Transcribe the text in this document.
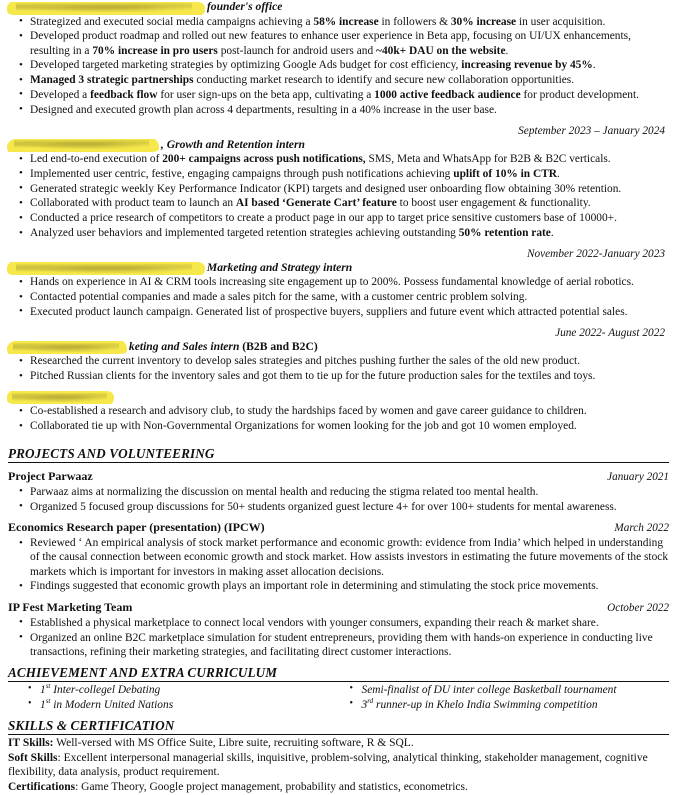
founder's office
• Strategized and executed social media campaigns achieving a 58% increase in followers & 30% increase in user acquisition.
• Developed product roadmap and rolled out new features to enhance user experience in Beta app, focusing on UI/UX enhancements, resulting in a 70% increase in pro users post-launch for android users and ~40k+ DAU on the website.
• Developed targeted marketing strategies by optimizing Google Ads budget for cost efficiency, increasing revenue by 45%.
• Managed 3 strategic partnerships conducting market research to identify and secure new collaboration opportunities.
• Developed a feedback flow for user sign-ups on the beta app, cultivating a 1000 active feedback audience for product development.
• Designed and executed growth plan across 4 departments, resulting in a 40% increase in the user base.
September 2023 – January 2024
, Growth and Retention intern
• Led end-to-end execution of 200+ campaigns across push notifications, SMS, Meta and WhatsApp for B2B & B2C verticals.
• Implemented user centric, festive, engaging campaigns through push notifications achieving uplift of 10% in CTR.
• Generated strategic weekly Key Performance Indicator (KPI) targets and designed user onboarding flow obtaining 30% retention.
• Collaborated with product team to launch an AI based ‘Generate Cart’ feature to boost user engagement & functionality.
• Conducted a price research of competitors to create a product page in our app to target price sensitive customers base of 10000+.
• Analyzed user behaviors and implemented targeted retention strategies achieving outstanding 50% retention rate.
November 2022-January 2023
Marketing and Strategy intern
• Hands on experience in AI & CRM tools increasing site engagement up to 200%. Possess fundamental knowledge of aerial robotics.
• Contacted potential companies and made a sales pitch for the same, with a customer centric problem solving.
• Executed product launch campaign. Generated list of prospective buyers, suppliers and future event which attracted potential sales.
June 2022- August 2022
keting and Sales intern (B2B and B2C)
• Researched the current inventory to develop sales strategies and pitches pushing further the sales of the old new product.
• Pitched Russian clients for the inventory sales and got them to tie up for the future production sales for the textiles and toys.
• Co-established a research and advisory club, to study the hardships faced by women and gave career guidance to children.
• Collaborated tie up with Non-Governmental Organizations for women looking for the job and got 10 women employed.
PROJECTS AND VOLUNTEERING
Project Parwaaz	January 2021
• Parwaaz aims at normalizing the discussion on mental health and reducing the stigma related too mental health.
• Organized 5 focused group discussions for 50+ students organized guest lecture 4+ for over 100+ students for mental awareness.
Economics Research paper (presentation) (IPCW)	March 2022
• Reviewed ‘ An empirical analysis of stock market performance and economic growth: evidence from India’ which helped in understanding of the causal connection between economic growth and stock market. How assists investors in estimating the future movements of the stock markets which is important for investors in making asset allocation decisions.
• Findings suggested that economic growth plays an important role in determining and stimulating the stock price movements.
IP Fest Marketing Team	October 2022
• Established a physical marketplace to connect local vendors with younger consumers, expanding their reach & market share.
• Organized an online B2C marketplace simulation for student entrepreneurs, providing them with hands-on experience in conducting live transactions, refining their marketing strategies, and facilitating direct customer interactions.
ACHIEVEMENT AND EXTRA CURRICULUM
• 1st Inter-collegel Debating
• 1st in Modern United Nations
• Semi-finalist of DU inter college Basketball tournament
• 3rd runner-up in Khelo India Swimming competition
SKILLS & CERTIFICATION
IT Skills: Well-versed with MS Office Suite, Libre suite, recruiting software, R & SQL.
Soft Skills: Excellent interpersonal managerial skills, inquisitive, problem-solving, analytical thinking, stakeholder management, cognitive flexibility, data analysis, product requirement.
Certifications: Game Theory, Google project management, probability and statistics, econometrics.
